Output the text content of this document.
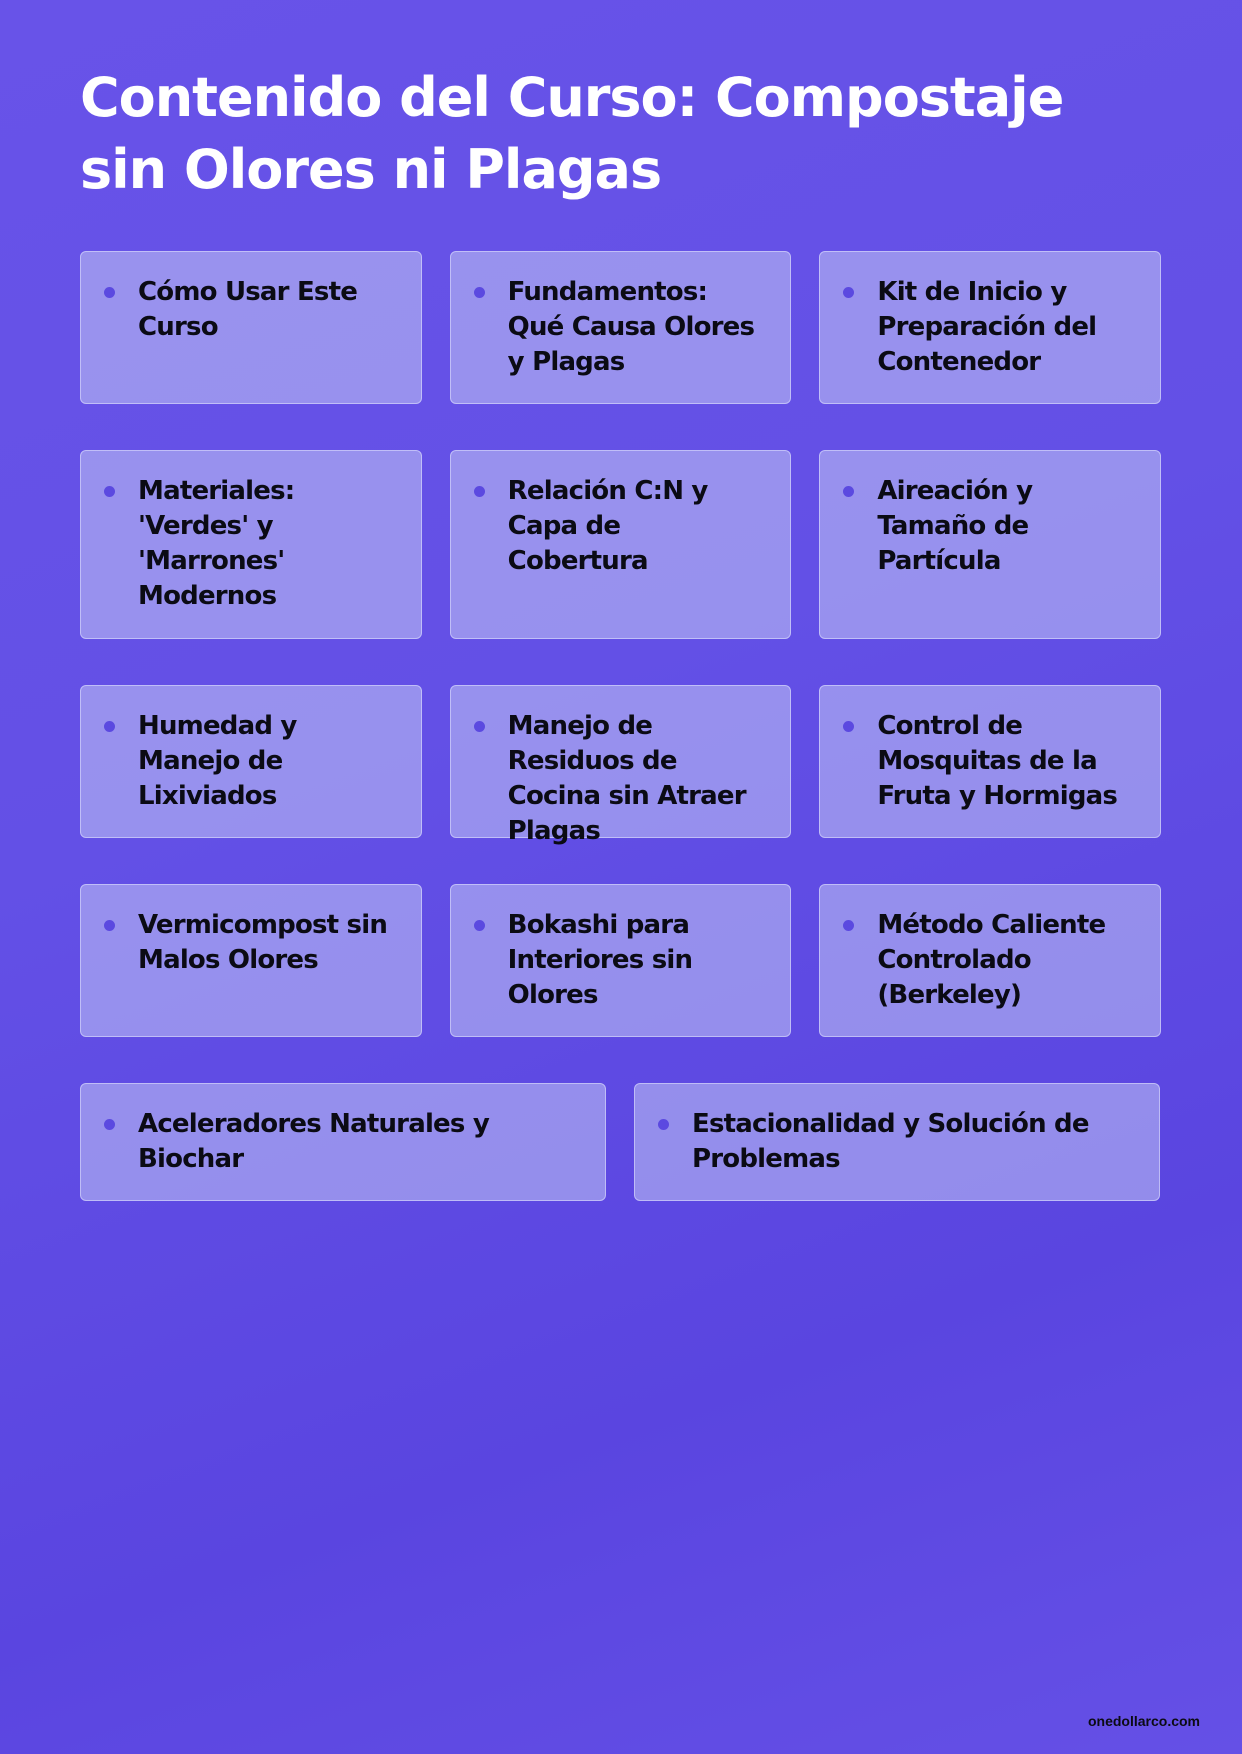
Contenido del Curso: Compostaje sin Olores ni Plagas
Cómo Usar Este Curso
Fundamentos: Qué Causa Olores y Plagas
Kit de Inicio y Preparación del Contenedor
Materiales: 'Verdes' y 'Marrones' Modernos
Relación C:N y Capa de Cobertura
Aireación y Tamaño de Partícula
Humedad y Manejo de Lixiviados
Manejo de Residuos de Cocina sin Atraer Plagas
Control de Mosquitas de la Fruta y Hormigas
Vermicompost sin Malos Olores
Bokashi para Interiores sin Olores
Método Caliente Controlado (Berkeley)
Aceleradores Naturales y Biochar
Estacionalidad y Solución de Problemas
onedollarco.com
